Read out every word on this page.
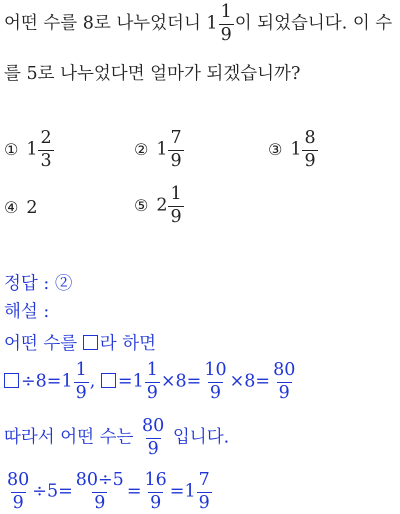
어떤 수를 8로 나누었더니 $1 \frac{1}{9}$ 이 되었습니다. 이 수
를 5로 나누었다면 얼마가 되겠습니까?
① $1 \frac{2}{3}$	② $1 \frac{7}{9}$	③ $1 \frac{8}{9}$
④ 2	⑤ $2 \frac{1}{9}$
정답 : ②
해설 :
어떤 수를 라 하면
$\div 8=1 \frac{1}{9}$ , $=1 \frac{1}{9} \times 8= \frac{10}{9} \times 8= \frac{80}{9}$
따라서 어떤 수는 $\frac{80}{9}$ 입니다.
$\frac{80}{9} \div 5= \frac{80\div 5}{9} = \frac{16}{9} =1 \frac{7}{9}$
